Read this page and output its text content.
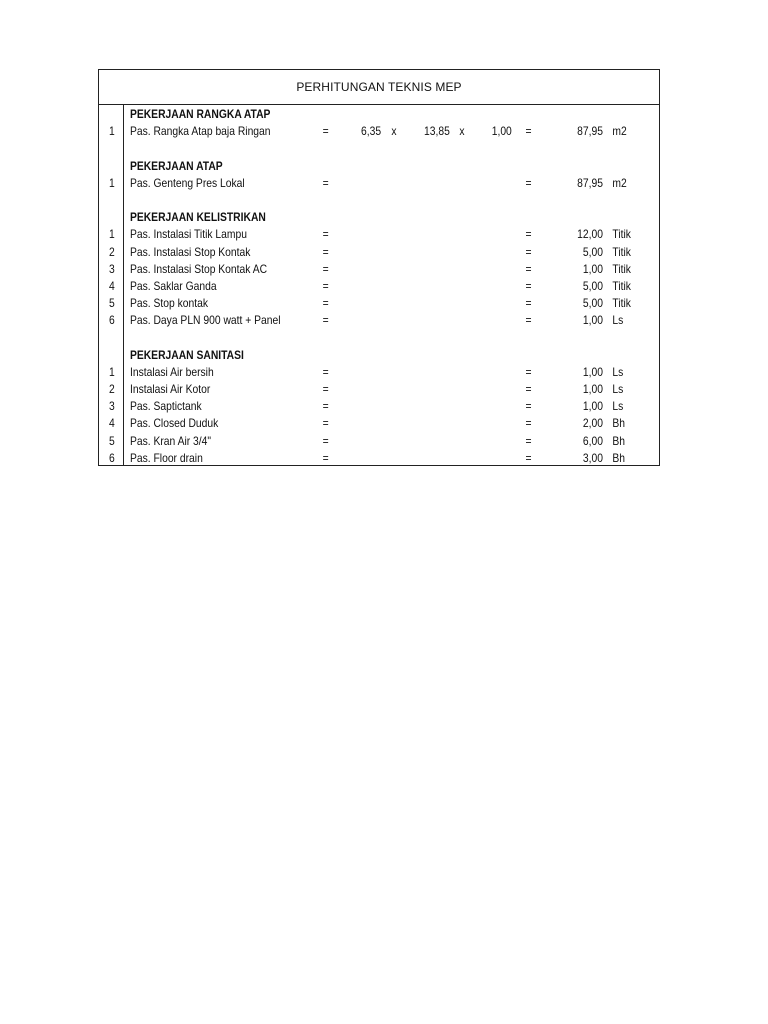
PERHITUNGAN TEKNIS MEP
PEKERJAAN RANGKA ATAP
1 Pas. Rangka Atap baja Ringan	=	6,35 x	13,85 x	1,00 =	87,95 m2
PEKERJAAN ATAP
1 Pas. Genteng Pres Lokal	=	=	87,95 m2
PEKERJAAN KELISTRIKAN
1 Pas. Instalasi Titik Lampu	=	=	12,00 Titik
2 Pas. Instalasi Stop Kontak	=	=	5,00 Titik
3 Pas. Instalasi Stop Kontak AC	=	=	1,00 Titik
4 Pas. Saklar Ganda	=	=	5,00 Titik
5 Pas. Stop kontak	=	=	5,00 Titik
6 Pas. Daya PLN 900 watt + Panel	=	=	1,00 Ls
PEKERJAAN SANITASI
1 Instalasi Air bersih	=	=	1,00 Ls
2 Instalasi Air Kotor	=	=	1,00 Ls
3 Pas. Saptictank	=	=	1,00 Ls
4 Pas. Closed Duduk	=	=	2,00 Bh
5 Pas. Kran Air 3/4"	=	=	6,00 Bh
6 Pas. Floor drain	=	=	3,00 Bh
